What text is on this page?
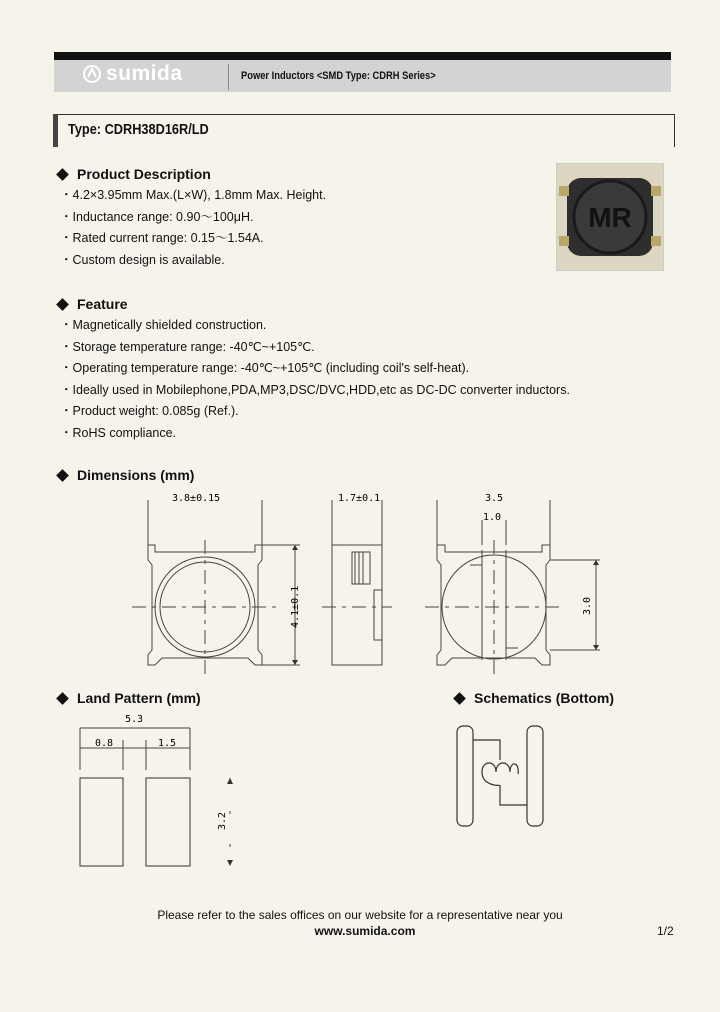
sumida	Power Inductors <SMD Type: CDRH Series>
Type: CDRH38D16R/LD
Product Description
・ 4.2×3.95mm Max.(L×W), 1.8mm Max. Height.
・ Inductance range: 0.90～100μH.
・ Rated current range: 0.15～1.54A.
・ Custom design is available.
MR
Feature
・ Magnetically shielded construction.
・ Storage temperature range: -40℃~+105℃.
・ Operating temperature range: -40℃~+105℃ (including coil's self-heat).
・ Ideally used in Mobilephone,PDA,MP3,DSC/DVC,HDD,etc as DC-DC converter inductors.
・ Product weight: 0.085g (Ref.).
・ RoHS compliance.
Dimensions (mm)
3.8±0.15	1.7±0.1	3.5
1.0
4.1±0.1	3.0
Land Pattern (mm)
5.3
0.8	1.5
3.2
Schematics (Bottom)
Please refer to the sales offices on our website for a representative near you
www.sumida.com	1/2
